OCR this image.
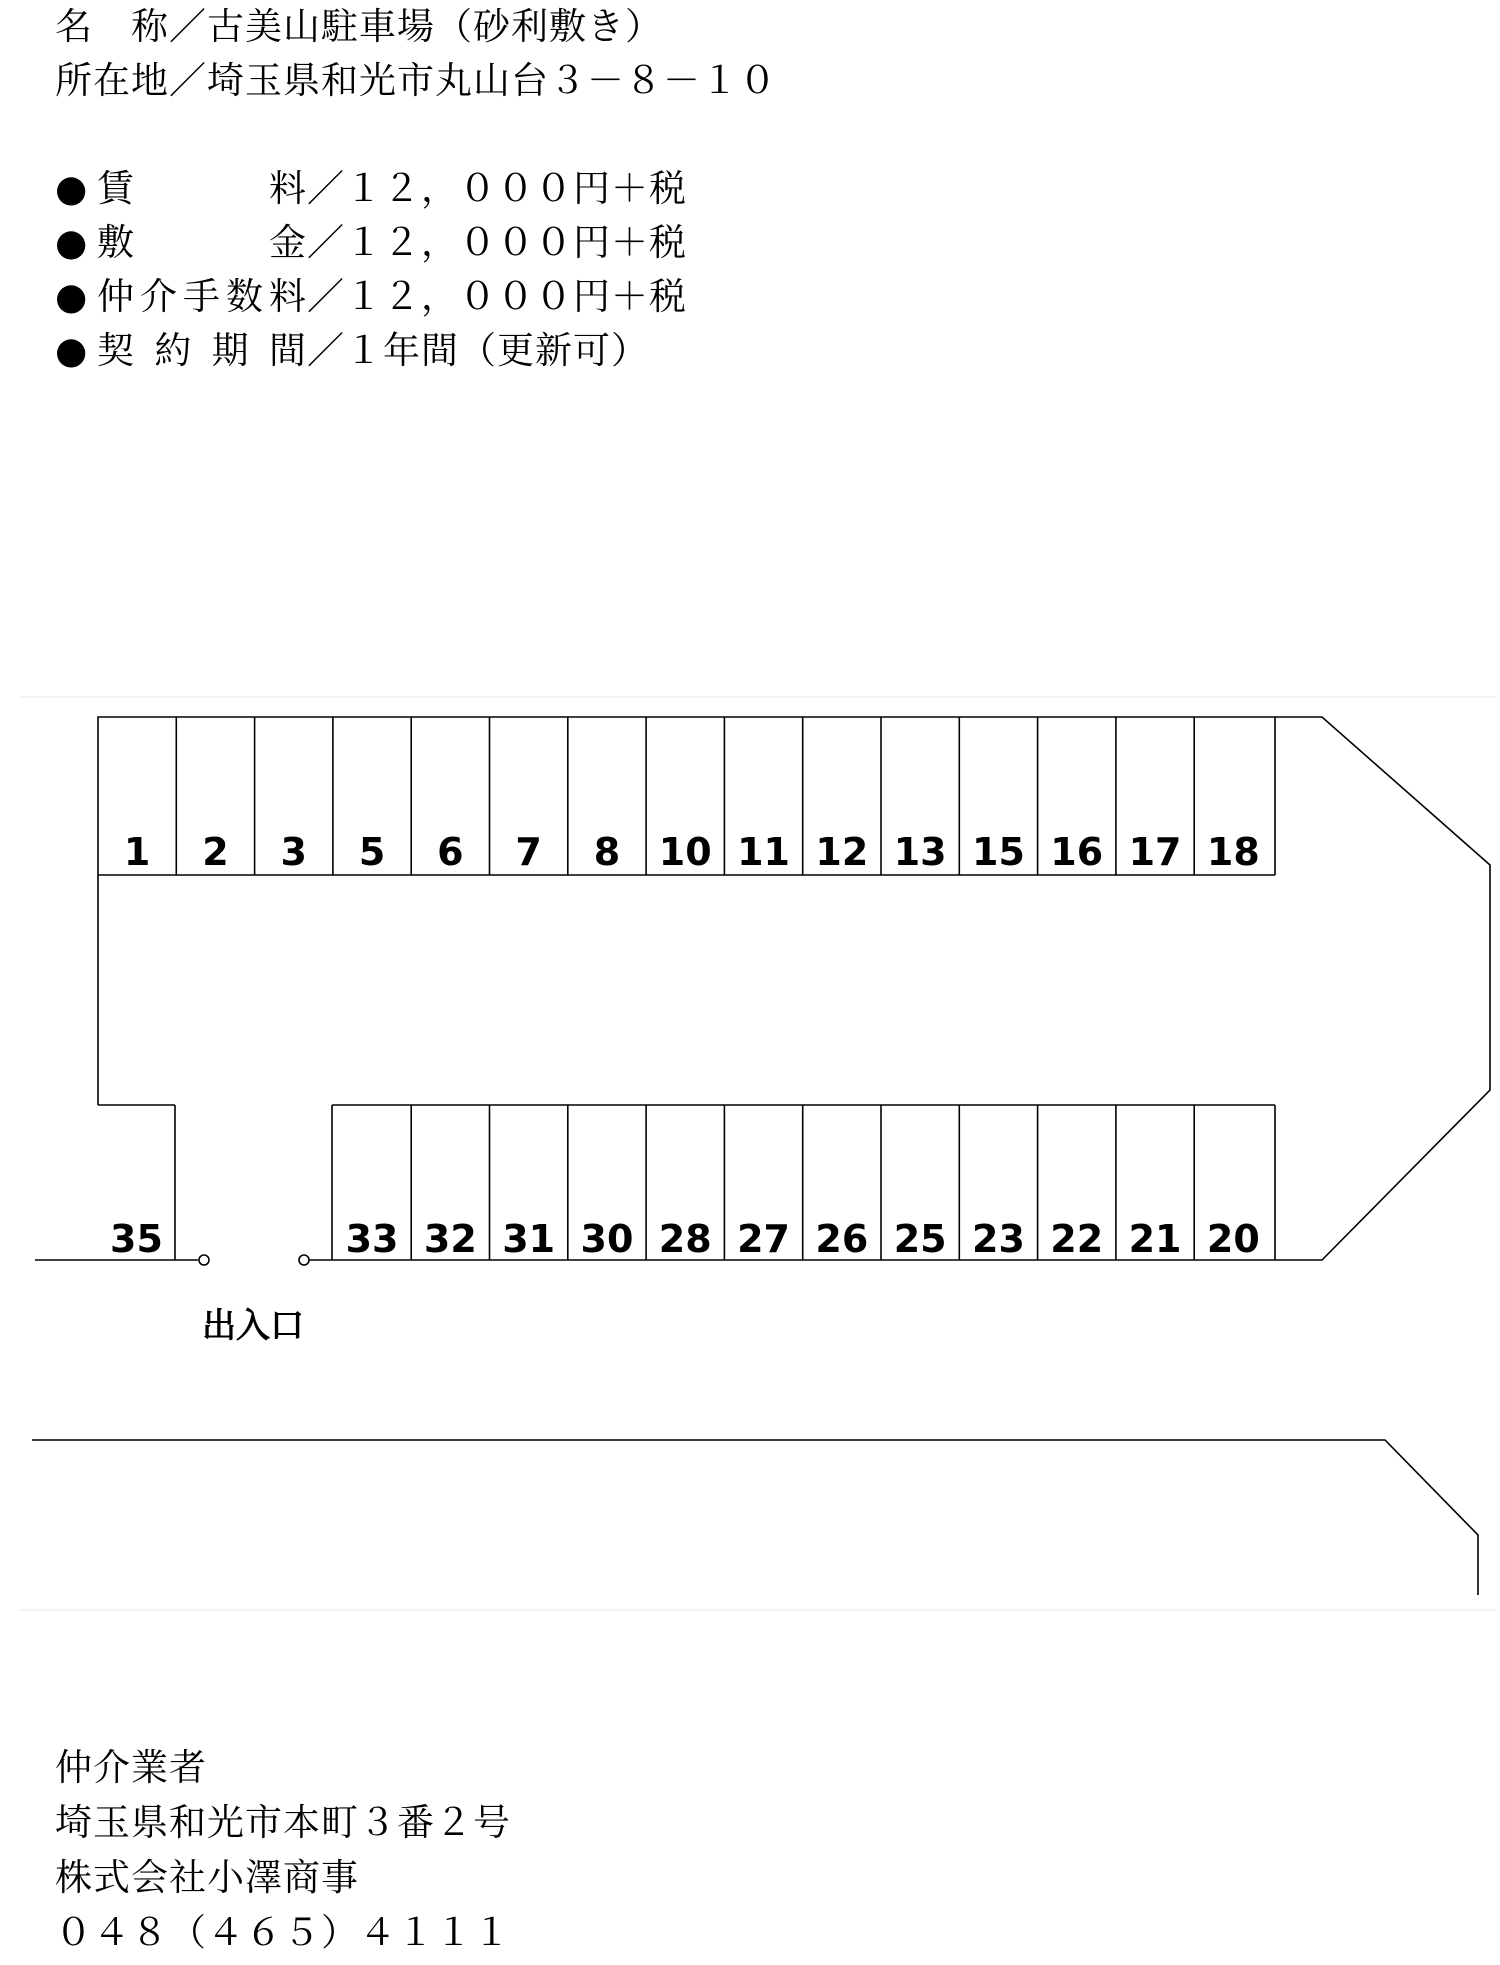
名　称／古美山駐車場（砂利敷き）
所在地／埼玉県和光市丸山台３－８－１０
● 賃	料 ／１２，０００円＋税
● 敷	金 ／１２，０００円＋税
● 仲 介 手 数 料 ／１２，０００円＋税
● 契 約 期 間 ／１年間（更新可）
1 2 3 5 6 7 8 10 11 12 13 15 16 17 18
33 32 31 30 28 27 26 25 23 22 21 20
35
出入口
仲介業者
埼玉県和光市本町３番２号
株式会社小澤商事
０４８（４６５）４１１１
